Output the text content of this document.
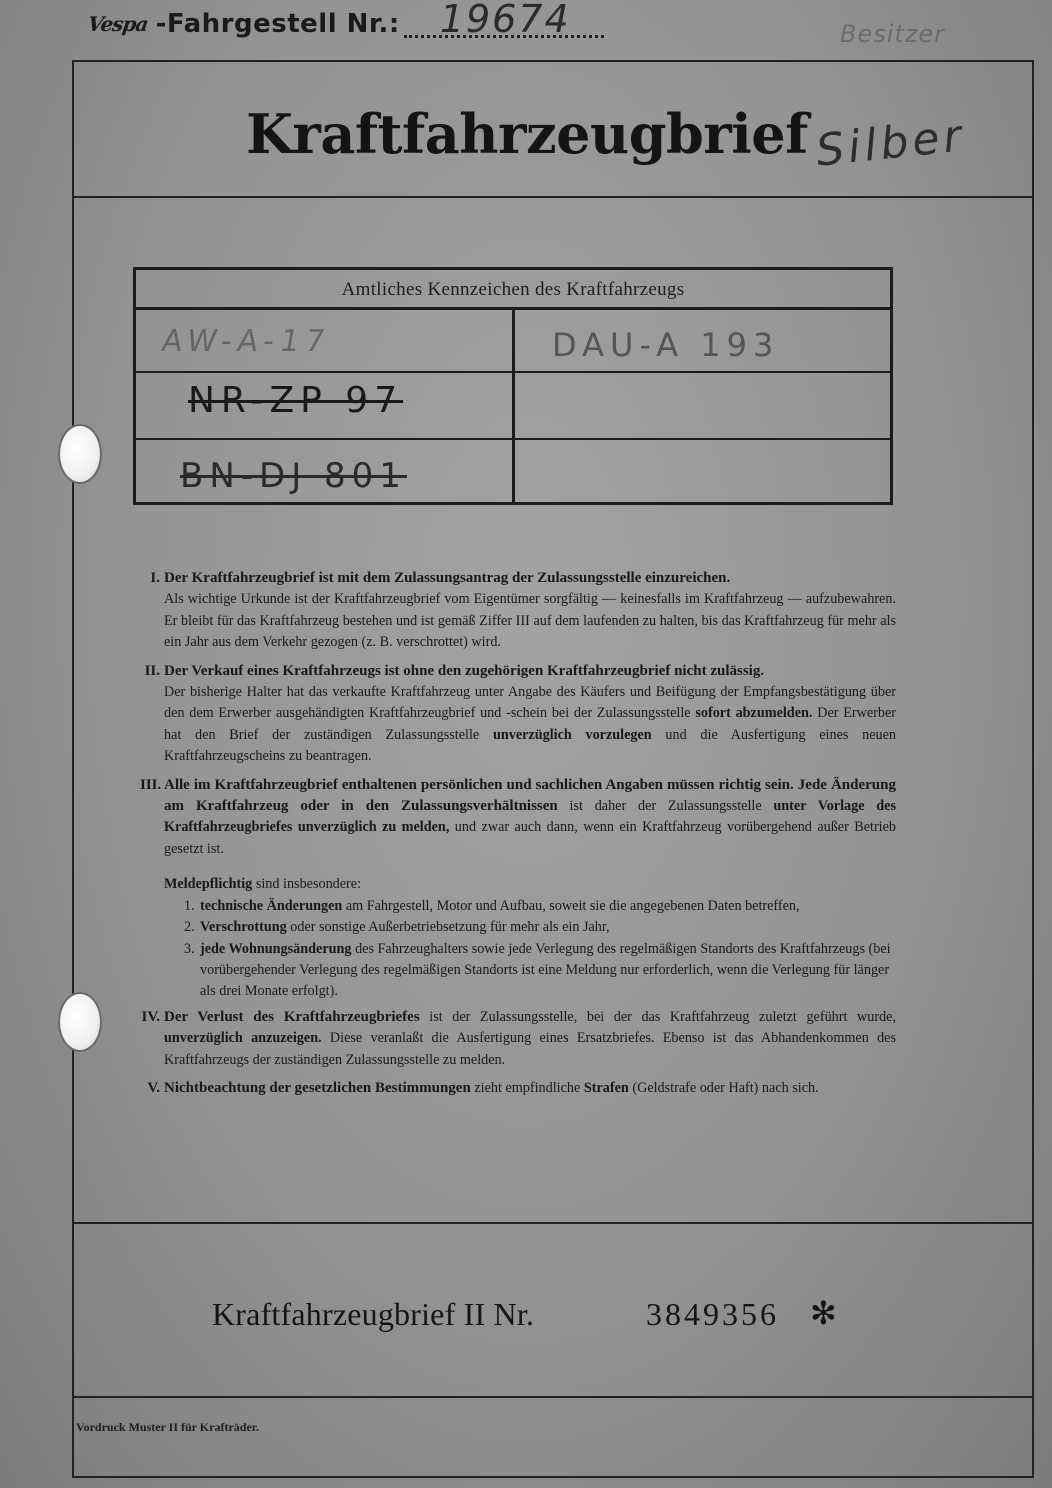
Vespa -Fahrgestell Nr.: 19674	Besitzer
Kraftfahrzeugbrief Silber
Amtliches Kennzeichen des Kraftfahrzeugs
AW-A-17
NR-ZP 97
BN-DJ 801
DAU-A 193
I. Der Kraftfahrzeugbrief ist mit dem Zulassungsantrag der Zulassungsstelle einzureichen.
Als wichtige Urkunde ist der Kraftfahrzeugbrief vom Eigentümer sorgfältig — keinesfalls im Kraftfahrzeug — aufzubewahren. Er bleibt für das Kraftfahrzeug bestehen und ist gemäß Ziffer III auf dem laufenden zu halten, bis das Kraftfahrzeug für mehr als ein Jahr aus dem Verkehr gezogen (z. B. verschrottet) wird.
II. Der Verkauf eines Kraftfahrzeugs ist ohne den zugehörigen Kraftfahrzeugbrief nicht zulässig.
Der bisherige Halter hat das verkaufte Kraftfahrzeug unter Angabe des Käufers und Beifügung der Empfangsbestätigung über den dem Erwerber ausgehändigten Kraftfahrzeugbrief und -schein bei der Zulassungsstelle sofort abzumelden. Der Erwerber hat den Brief der zuständigen Zulassungsstelle unverzüglich vorzulegen und die Ausfertigung eines neuen Kraftfahrzeugscheins zu beantragen.
III. Alle im Kraftfahrzeugbrief enthaltenen persönlichen und sachlichen Angaben müssen richtig sein. Jede Änderung am Kraftfahrzeug oder in den Zulassungsverhältnissen ist daher der Zulassungsstelle unter Vorlage des Kraftfahrzeugbriefes unverzüglich zu melden, und zwar auch dann, wenn ein Kraftfahrzeug vorübergehend außer Betrieb gesetzt ist.
Meldepflichtig sind insbesondere:
1. technische Änderungen am Fahrgestell, Motor und Aufbau, soweit sie die angegebenen Daten betreffen,
2. Verschrottung oder sonstige Außerbetriebsetzung für mehr als ein Jahr,
3. jede Wohnungsänderung des Fahrzeughalters sowie jede Verlegung des regelmäßigen Standorts des Kraftfahrzeugs (bei vorübergehender Verlegung des regelmäßigen Standorts ist eine Meldung nur erforderlich, wenn die Verlegung für länger als drei Monate erfolgt).
IV. Der Verlust des Kraftfahrzeugbriefes ist der Zulassungsstelle, bei der das Kraftfahrzeug zuletzt geführt wurde, unverzüglich anzuzeigen. Diese veranlaßt die Ausfertigung eines Ersatzbriefes. Ebenso ist das Abhandenkommen des Kraftfahrzeugs der zuständigen Zulassungsstelle zu melden.
V. Nichtbeachtung der gesetzlichen Bestimmungen zieht empfindliche Strafen (Geldstrafe oder Haft) nach sich.
Kraftfahrzeugbrief II Nr.	3849356 ✻
Vordruck Muster II für Krafträder.
